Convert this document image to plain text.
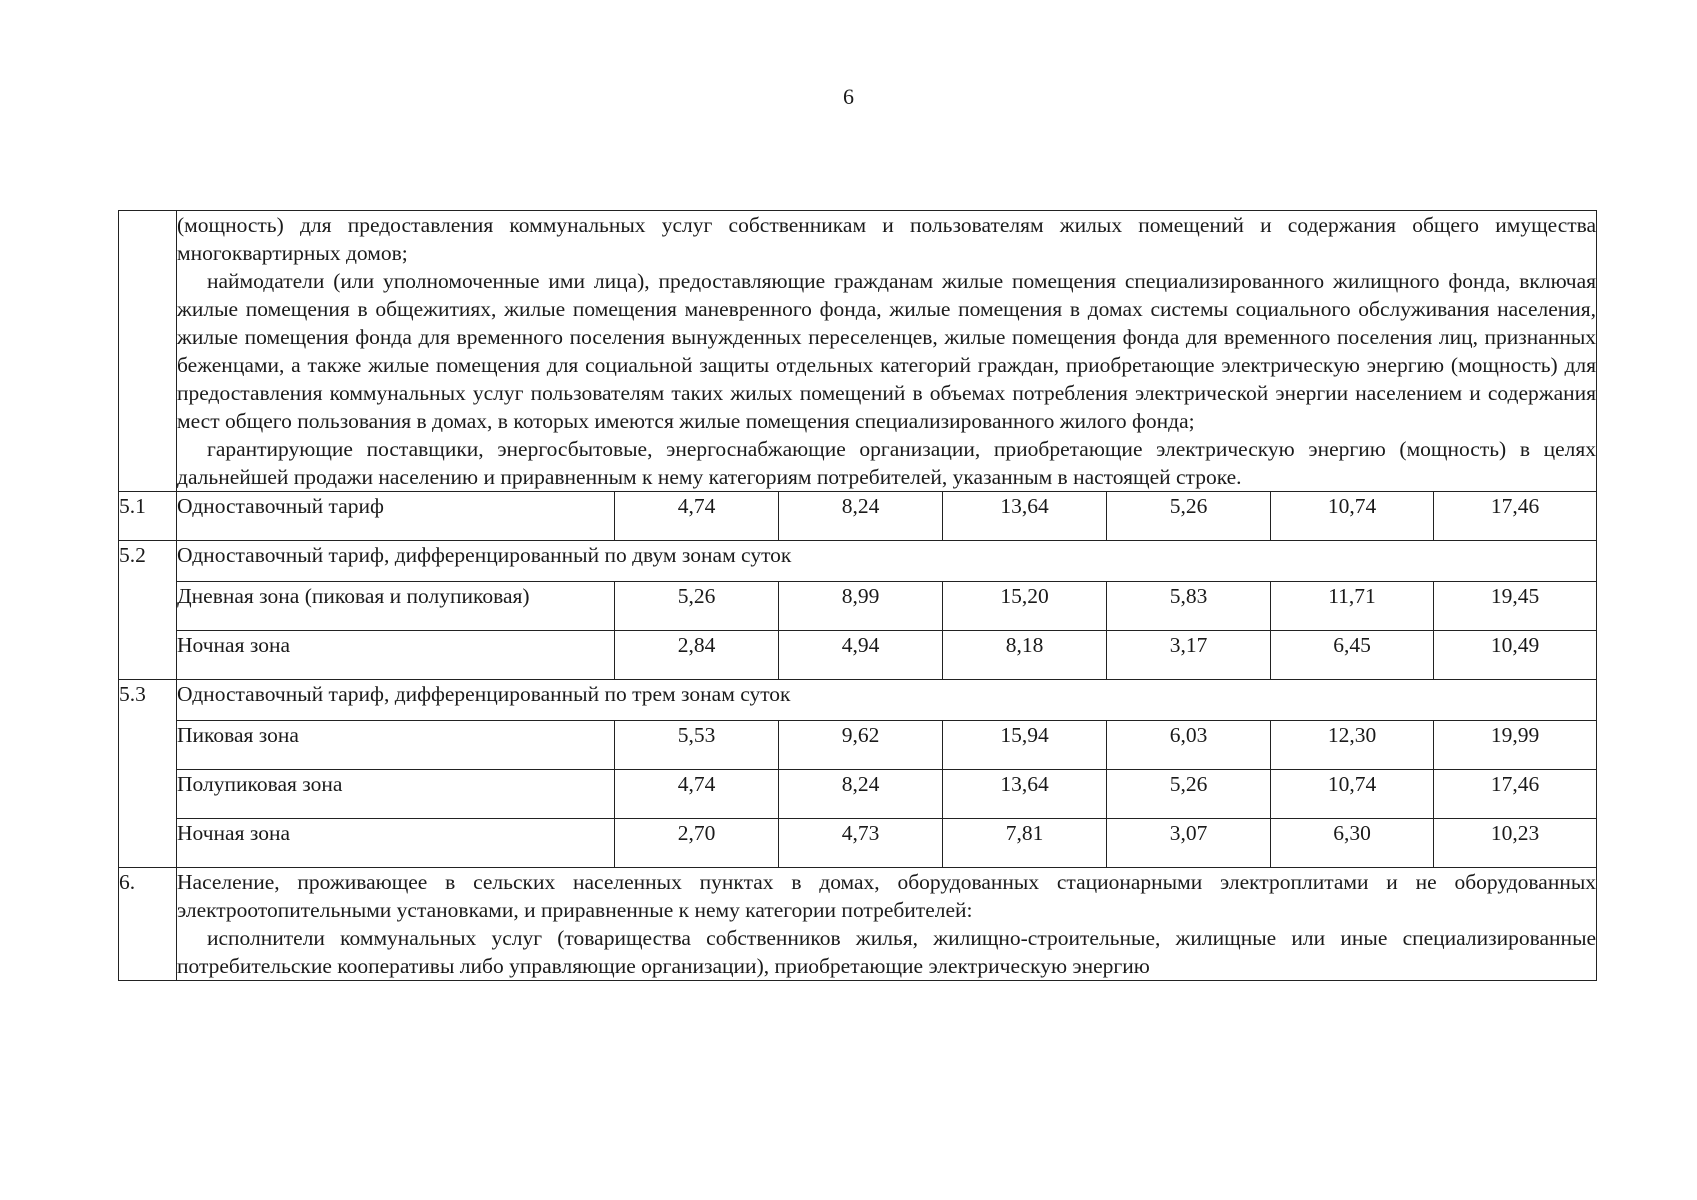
6

	(мощность) для предоставления коммунальных услуг собственникам и пользователям жилых помещений и содержания общего имущества многоквартирных домов;

наймодатели (или уполномоченные ими лица), предоставляющие гражданам жилые помещения специализированного жилищного фонда, включая жилые помещения в общежитиях, жилые помещения маневренного фонда, жилые помещения в домах системы социального обслуживания населения, жилые помещения фонда для временного поселения вынужденных переселенцев, жилые помещения фонда для временного поселения лиц, признанных беженцами, а также жилые помещения для социальной защиты отдельных категорий граждан, приобретающие электрическую энергию (мощность) для предоставления коммунальных услуг пользователям таких жилых помещений в объемах потребления электрической энергии населением и содержания мест общего пользования в домах, в которых имеются жилые помещения специализированного жилого фонда;

гарантирующие поставщики, энергосбытовые, энергоснабжающие организации, приобретающие электрическую энергию (мощность) в целях дальнейшей продажи населению и приравненным к нему категориям потребителей, указанным в настоящей строке.						

5.1	Одноставочный тариф	4,74	8,24	13,64	5,26	10,74	17,46
5.2	Одноставочный тариф, дифференцированный по двум зонам суток						
	Дневная зона (пиковая и полупиковая)	5,26	8,99	15,20	5,83	11,71	19,45
	Ночная зона	2,84	4,94	8,18	3,17	6,45	10,49
5.3	Одноставочный тариф, дифференцированный по трем зонам суток						
	Пиковая зона	5,53	9,62	15,94	6,03	12,30	19,99
	Полупиковая зона	4,74	8,24	13,64	5,26	10,74	17,46
	Ночная зона	2,70	4,73	7,81	3,07	6,30	10,23
6.	Население, проживающее в сельских населенных пунктах в домах, оборудованных стационарными электроплитами и не оборудованных электроотопительными установками, и приравненные к нему категории потребителей:

исполнители коммунальных услуг (товарищества собственников жилья, жилищно-строительные, жилищные или иные специализированные потребительские кооперативы либо управляющие организации), приобретающие электрическую энергию						
